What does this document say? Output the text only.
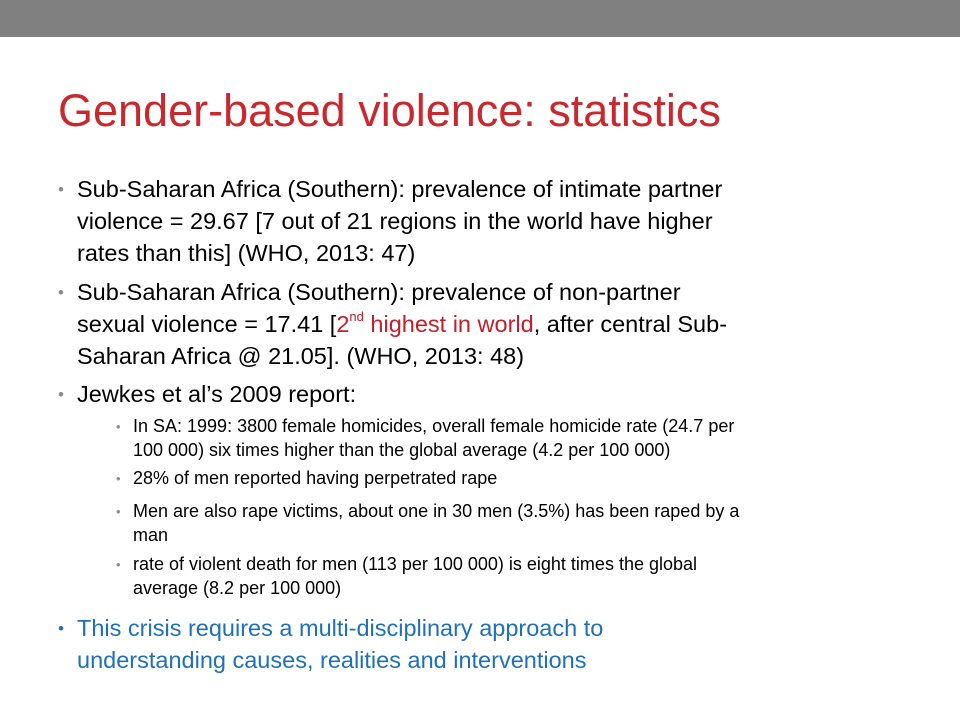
Gender-based violence: statistics
• Sub-Saharan Africa (Southern): prevalence of intimate partner
violence = 29.67 [7 out of 21 regions in the world have higher
rates than this] (WHO, 2013: 47)
• Sub-Saharan Africa (Southern): prevalence of non-partner
sexual violence = 17.41 [2nd highest in world, after central Sub-
Saharan Africa @ 21.05]. (WHO, 2013: 48)
• Jewkes et al’s 2009 report:
• In SA: 1999: 3800 female homicides, overall female homicide rate (24.7 per
100 000) six times higher than the global average (4.2 per 100 000)
• 28% of men reported having perpetrated rape
• Men are also rape victims, about one in 30 men (3.5%) has been raped by a
man
• rate of violent death for men (113 per 100 000) is eight times the global
average (8.2 per 100 000)
• This crisis requires a multi-disciplinary approach to
understanding causes, realities and interventions
